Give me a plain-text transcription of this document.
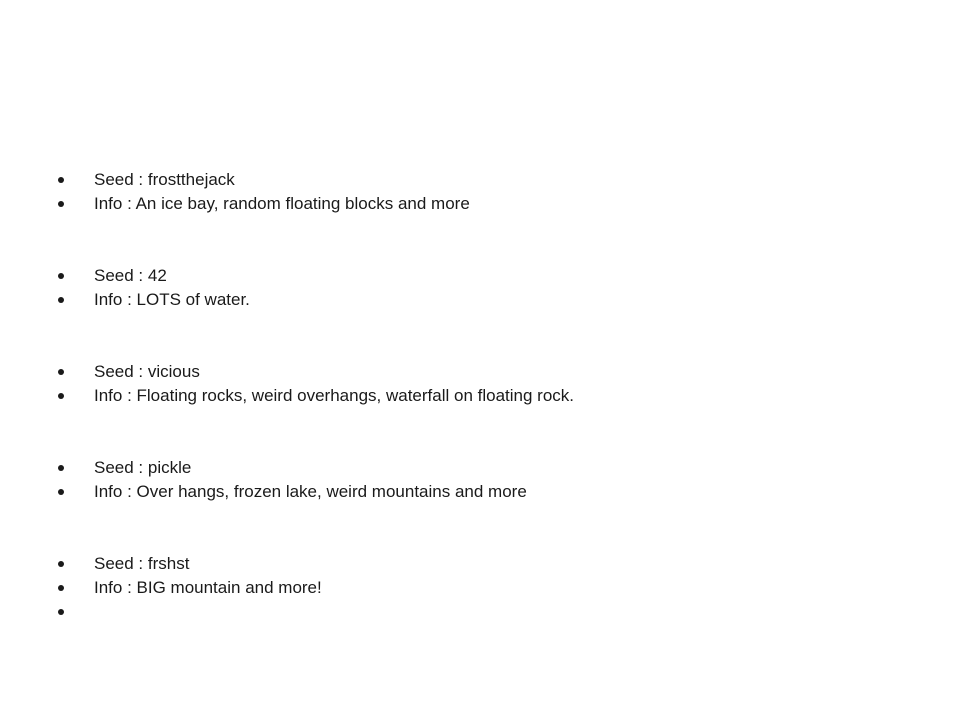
Seed : frostthejack
Info : An ice bay, random floating blocks and more
Seed : 42
Info : LOTS of water.
Seed : vicious
Info : Floating rocks, weird overhangs, waterfall on floating rock.
Seed : pickle
Info : Over hangs, frozen lake, weird mountains and more
Seed : frshst
Info : BIG mountain and more!
